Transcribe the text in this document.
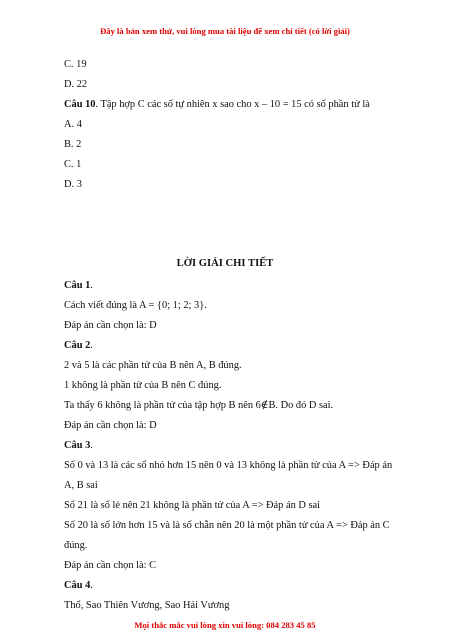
Đây là bản xem thử, vui lòng mua tài liệu để xem chi tiết (có lời giải)
C. 19
D. 22
Câu 10. Tập hợp C các số tự nhiên x sao cho x – 10 = 15 có số phần tử là
A. 4
B. 2
C. 1
D. 3
LỜI GIẢI CHI TIẾT
Câu 1.
Cách viết đúng là A = {0; 1; 2; 3}.
Đáp án cần chọn là: D
Câu 2.
2 và 5 là các phần tử của B nên A, B đúng.
1 không là phần tử của B nên C đúng.
Ta thấy 6 không là phần tử của tập hợp B nên 6∉B. Do đó D sai.
Đáp án cần chọn là: D
Câu 3.
Số 0 và 13 là các số nhỏ hơn 15 nên 0 và 13 không là phần tử của A => Đáp án
A, B sai
Số 21 là số lẻ nên 21 không là phần tử của A => Đáp án D sai
Số 20 là số lớn hơn 15 và là số chẵn nên 20 là một phần tử của A => Đáp án C
đúng.
Đáp án cần chọn là: C
Câu 4.
Thổ, Sao Thiên Vương, Sao Hải Vương
Mọi thắc mắc vui lòng xin vui lòng: 084 283 45 85
